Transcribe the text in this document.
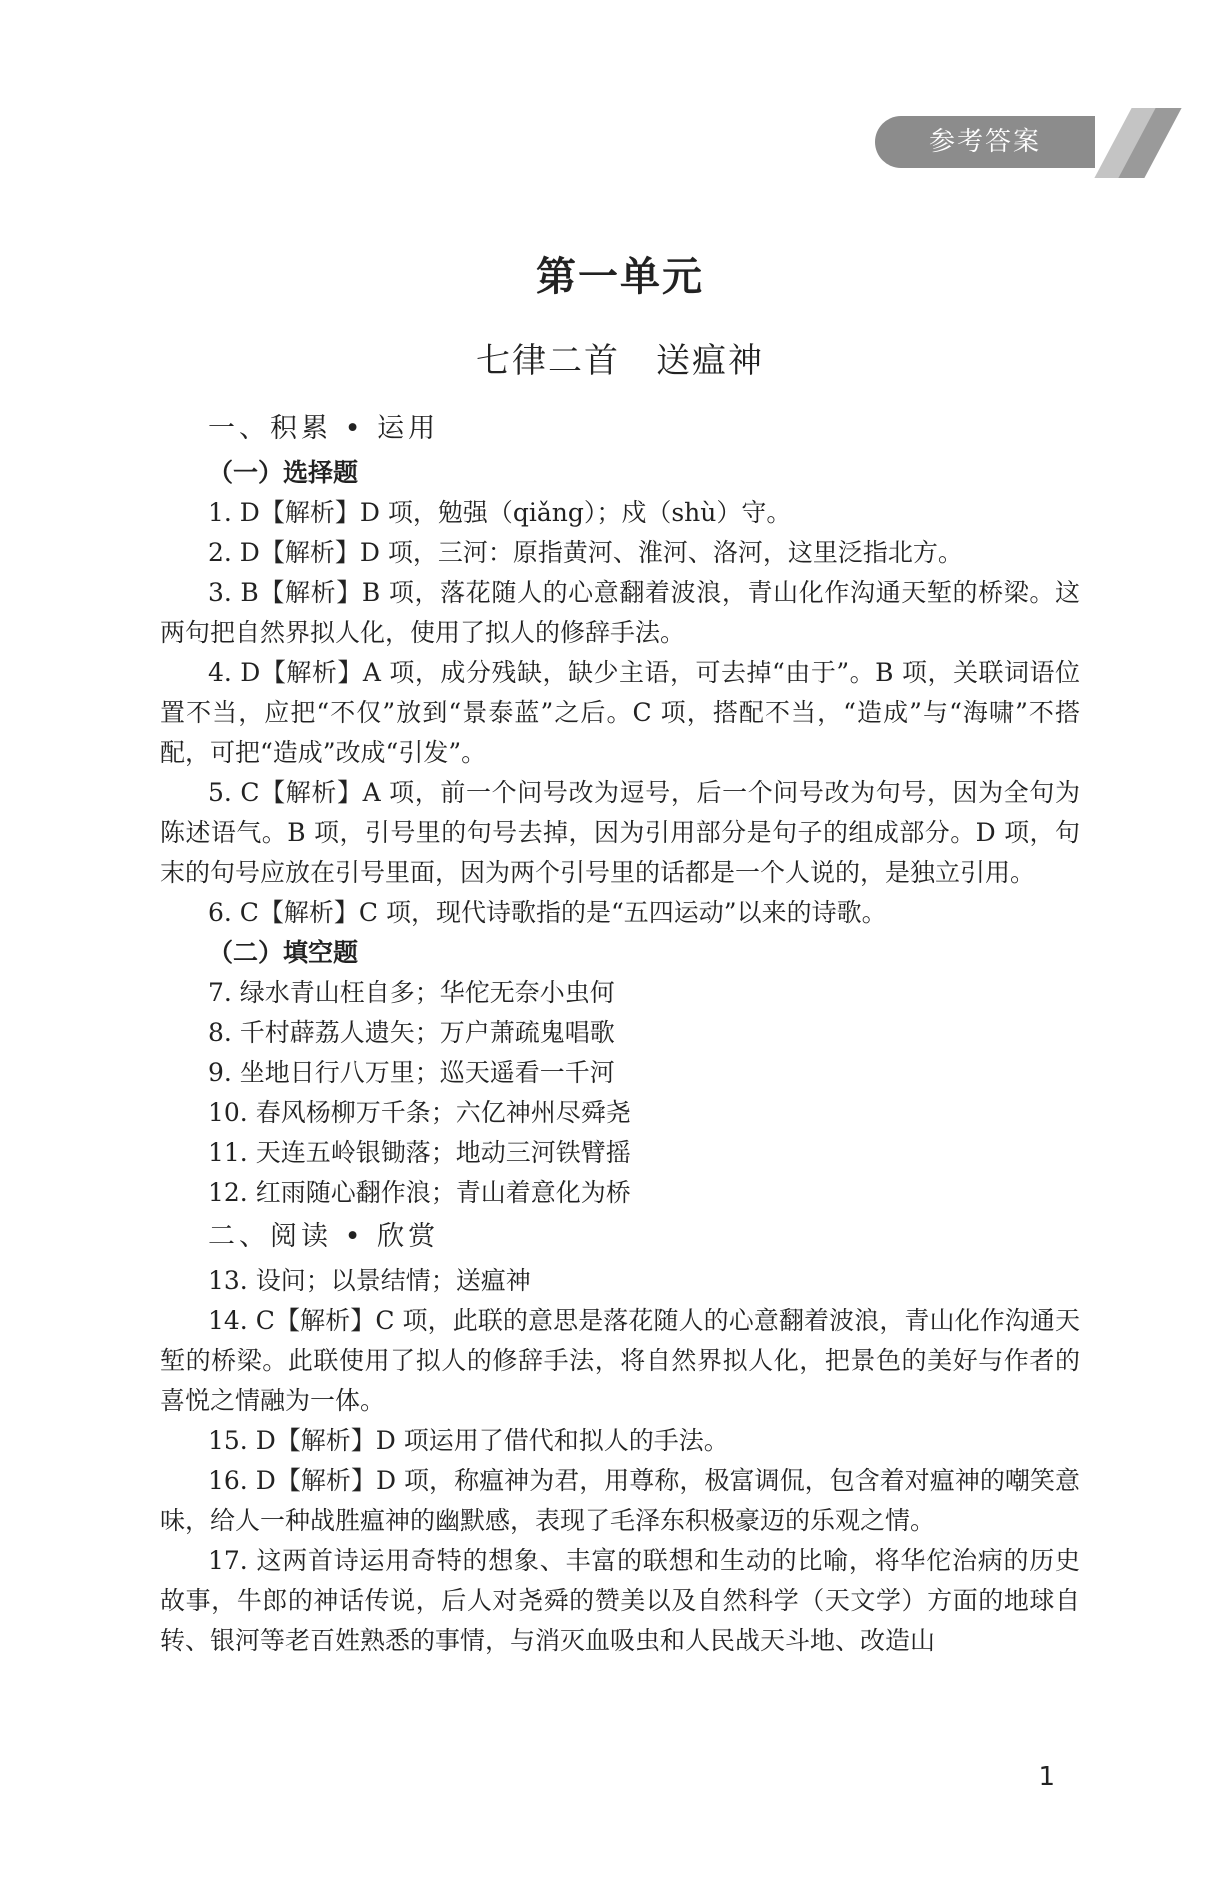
参考答案
第一单元
七律二首　送瘟神

一、积累 • 运用

（一）选择题

1. D【解析】D 项，勉强（qiǎng）；戍（shù）守。

2. D【解析】D 项，三河：原指黄河、淮河、洛河，这里泛指北方。

3. B【解析】B 项，落花随人的心意翻着波浪，青山化作沟通天堑的桥梁。这两句把自然界拟人化，使用了拟人的修辞手法。

4. D【解析】A 项，成分残缺，缺少主语，可去掉“由于”。B 项，关联词语位置不当，应把“不仅”放到“景泰蓝”之后。C 项，搭配不当，“造成”与“海啸”不搭配，可把“造成”改成“引发”。

5. C【解析】A 项，前一个问号改为逗号，后一个问号改为句号，因为全句为陈述语气。B 项，引号里的句号去掉，因为引用部分是句子的组成部分。D 项，句末的句号应放在引号里面，因为两个引号里的话都是一个人说的，是独立引用。

6. C【解析】C 项，现代诗歌指的是“五四运动”以来的诗歌。

（二）填空题

7. 绿水青山枉自多；华佗无奈小虫何

8. 千村薜荔人遗矢；万户萧疏鬼唱歌

9. 坐地日行八万里；巡天遥看一千河

10. 春风杨柳万千条；六亿神州尽舜尧

11. 天连五岭银锄落；地动三河铁臂摇

12. 红雨随心翻作浪；青山着意化为桥

二、阅读 • 欣赏

13. 设问；以景结情；送瘟神

14. C【解析】C 项，此联的意思是落花随人的心意翻着波浪，青山化作沟通天堑的桥梁。此联使用了拟人的修辞手法，将自然界拟人化，把景色的美好与作者的喜悦之情融为一体。

15. D【解析】D 项运用了借代和拟人的手法。

16. D【解析】D 项，称瘟神为君，用尊称，极富调侃，包含着对瘟神的嘲笑意味，给人一种战胜瘟神的幽默感，表现了毛泽东积极豪迈的乐观之情。

17. 这两首诗运用奇特的想象、丰富的联想和生动的比喻，将华佗治病的历史故事，牛郎的神话传说，后人对尧舜的赞美以及自然科学（天文学）方面的地球自转、银河等老百姓熟悉的事情，与消灭血吸虫和人民战天斗地、改造山

1
